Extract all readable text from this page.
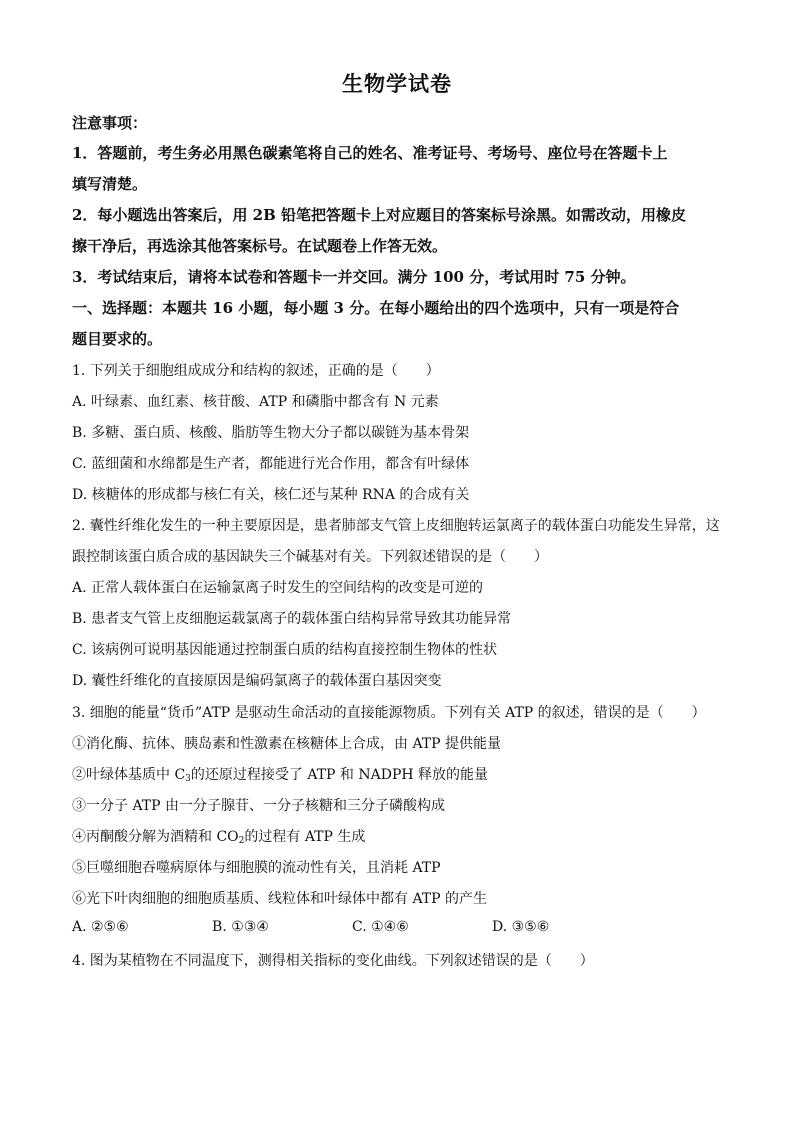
生物学试卷
注意事项：
1．答题前，考生务必用黑色碳素笔将自己的姓名、准考证号、考场号、座位号在答题卡上
填写清楚。
2．每小题选出答案后，用 2B 铅笔把答题卡上对应题目的答案标号涂黑。如需改动，用橡皮
擦干净后，再选涂其他答案标号。在试题卷上作答无效。
3．考试结束后，请将本试卷和答题卡一并交回。满分 100 分，考试用时 75 分钟。
一、选择题：本题共 16 小题，每小题 3 分。在每小题给出的四个选项中，只有一项是符合
题目要求的。
1. 下列关于细胞组成成分和结构的叙述，正确的是（　　）
A. 叶绿素、血红素、核苷酸、ATP 和磷脂中都含有 N 元素
B. 多糖、蛋白质、核酸、脂肪等生物大分子都以碳链为基本骨架
C. 蓝细菌和水绵都是生产者，都能进行光合作用，都含有叶绿体
D. 核糖体的形成都与核仁有关，核仁还与某种 RNA 的合成有关
2. 囊性纤维化发生的一种主要原因是，患者肺部支气管上皮细胞转运氯离子的载体蛋白功能发生异常，这
跟控制该蛋白质合成的基因缺失三个碱基对有关。下列叙述错误的是（　　）
A. 正常人载体蛋白在运输氯离子时发生的空间结构的改变是可逆的
B. 患者支气管上皮细胞运载氯离子的载体蛋白结构异常导致其功能异常
C. 该病例可说明基因能通过控制蛋白质的结构直接控制生物体的性状
D. 囊性纤维化的直接原因是编码氯离子的载体蛋白基因突变
3. 细胞的能量“货币”ATP 是驱动生命活动的直接能源物质。下列有关 ATP 的叙述，错误的是（　　）
①消化酶、抗体、胰岛素和性激素在核糖体上合成，由 ATP 提供能量
②叶绿体基质中 $C_3$的还原过程接受了 ATP 和 NADPH 释放的能量
③一分子 ATP 由一分子腺苷、一分子核糖和三分子磷酸构成
④丙酮酸分解为酒精和 $CO_2$的过程有 ATP 生成
⑤巨噬细胞吞噬病原体与细胞膜的流动性有关，且消耗 ATP
⑥光下叶肉细胞的细胞质基质、线粒体和叶绿体中都有 ATP 的产生
A. ②⑤⑥	B. ①③④	C. ①④⑥	D. ③⑤⑥
4. 图为某植物在不同温度下，测得相关指标的变化曲线。下列叙述错误的是（　　）
